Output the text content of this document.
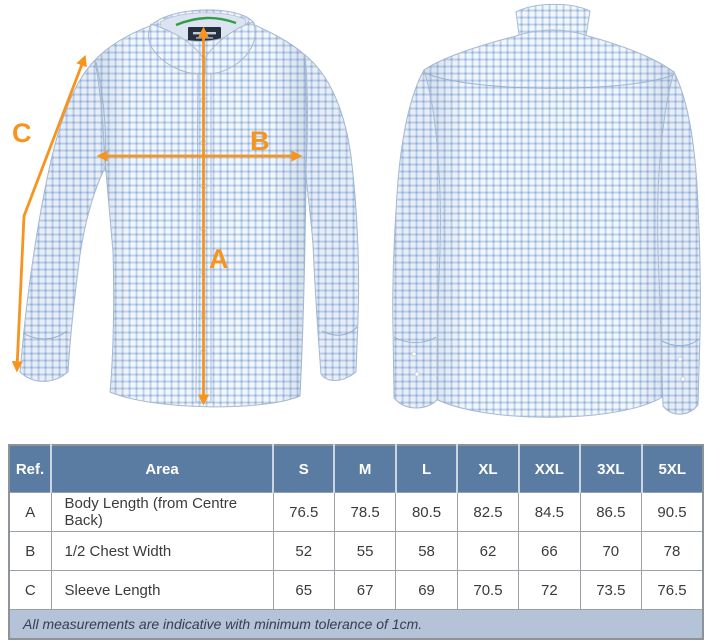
C	B
A
Ref.	Area	S	M	L	XL	XXL	3XL	5XL
A	Body Length (from Centre Back)	76.5	78.5	80.5	82.5	84.5	86.5	90.5
B	1/2 Chest Width	52	55	58	62	66	70	78
C	Sleeve Length	65	67	69	70.5	72	73.5	76.5
All measurements are indicative with minimum tolerance of 1cm.								
